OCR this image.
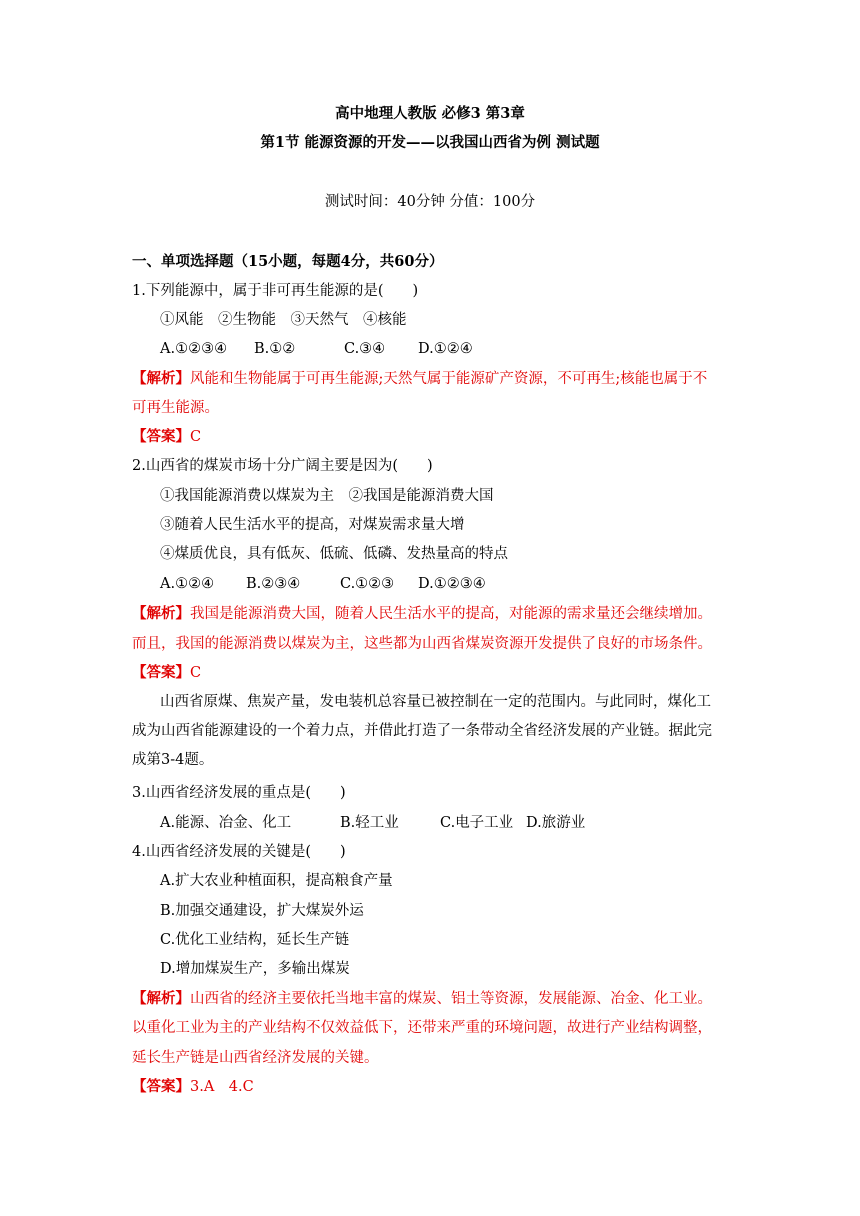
高中地理人教版 必修3 第3章
第1节 能源资源的开发——以我国山西省为例 测试题
测试时间：40分钟 分值：100分
一、单项选择题（15小题，每题4分，共60分）
1.下列能源中，属于非可再生能源的是(　　)
①风能　②生物能　③天然气　④核能
A.①②③④ B.①②	C.③④ D.①②④
【解析】风能和生物能属于可再生能源;天然气属于能源矿产资源，不可再生;核能也属于不
可再生能源。
【答案】C
2.山西省的煤炭市场十分广阔主要是因为(　　)
①我国能源消费以煤炭为主　②我国是能源消费大国
③随着人民生活水平的提高，对煤炭需求量大增
④煤质优良，具有低灰、低硫、低磷、发热量高的特点
A.①②④ B.②③④	C.①②③ D.①②③④
【解析】我国是能源消费大国，随着人民生活水平的提高，对能源的需求量还会继续增加。
而且，我国的能源消费以煤炭为主，这些都为山西省煤炭资源开发提供了良好的市场条件。
【答案】C
山西省原煤、焦炭产量，发电装机总容量已被控制在一定的范围内。与此同时，煤化工
成为山西省能源建设的一个着力点，并借此打造了一条带动全省经济发展的产业链。据此完
成第3-4题。
3.山西省经济发展的重点是(　　)
A.能源、冶金、化工	B.轻工业	C.电子工业 D.旅游业
4.山西省经济发展的关键是(　　)
A.扩大农业种植面积，提高粮食产量
B.加强交通建设，扩大煤炭外运
C.优化工业结构，延长生产链
D.增加煤炭生产，多输出煤炭
【解析】山西省的经济主要依托当地丰富的煤炭、铝土等资源，发展能源、冶金、化工业。
以重化工业为主的产业结构不仅效益低下，还带来严重的环境问题，故进行产业结构调整，
延长生产链是山西省经济发展的关键。
【答案】3.A　4.C
